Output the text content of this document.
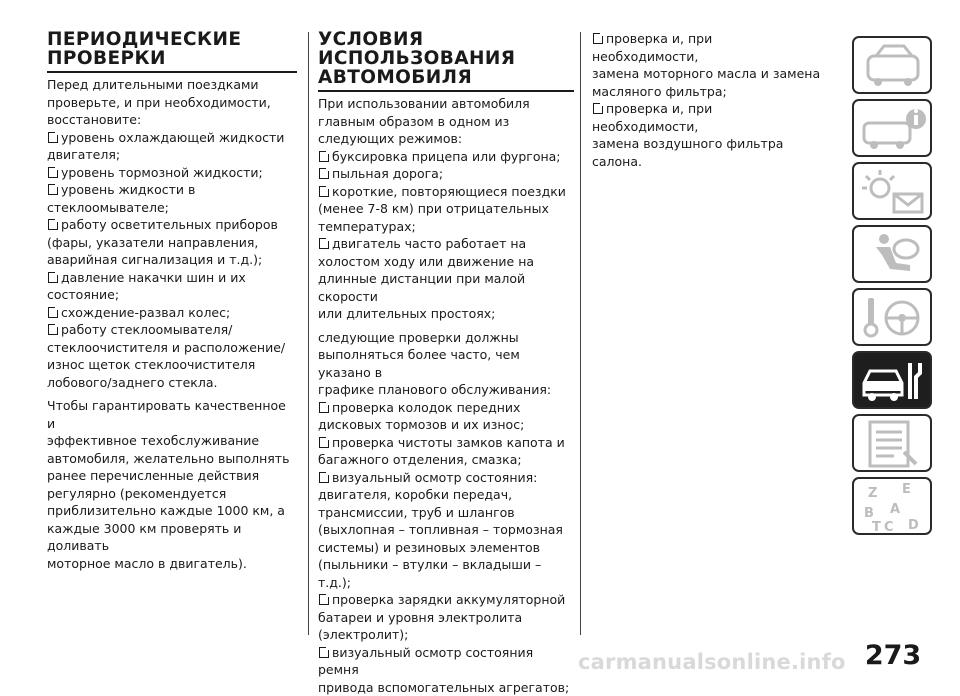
ПЕРИОДИЧЕСКИЕ
ПРОВЕРКИ

Перед длительными поездками
проверьте, и при необходимости,
восстановите:

уровень охлаждающей жидкости
двигателя;

уровень тормозной жидкости;

уровень жидкости в
стеклоомывателе;

работу осветительных приборов
(фары, указатели направления,
аварийная сигнализация и т.д.);

давление накачки шин и их
состояние;

схождение-развал колес;

работу стеклоомывателя/
стеклоочистителя и расположение/
износ щеток стеклоочистителя
лобового/заднего стекла.

Чтобы гарантировать качественное и
эффективное техобслуживание
автомобиля, желательно выполнять
ранее перечисленные действия
регулярно (рекомендуется
приблизительно каждые 1000 км, а
каждые 3000 км проверять и доливать
моторное масло в двигатель).

УСЛОВИЯ
ИСПОЛЬЗОВАНИЯ
АВТОМОБИЛЯ

При использовании автомобиля
главным образом в одном из
следующих режимов:

буксировка прицепа или фургона;

пыльная дорога;

короткие, повторяющиеся поездки
(менее 7-8 км) при отрицательных
температурах;

двигатель часто работает на
холостом ходу или движение на
длинные дистанции при малой скорости
или длительных простоях;

следующие проверки должны
выполняться более часто, чем указано в
графике планового обслуживания:

проверка колодок передних
дисковых тормозов и их износ;

проверка чистоты замков капота и
багажного отделения, смазка;

визуальный осмотр состояния:
двигателя, коробки передач,
трансмиссии, труб и шлангов
(выхлопная – топливная – тормозная
системы) и резиновых элементов
(пыльники – втулки – вкладыши – т.д.);

проверка зарядки аккумуляторной
батареи и уровня электролита
(электролит);

визуальный осмотр состояния ремня
привода вспомогательных агрегатов;

проверка и, при необходимости,
замена моторного масла и замена
масляного фильтра;

проверка и, при необходимости,
замена воздушного фильтра салона.

Z E
B A
C D
T
273
carmanualsonline.info
